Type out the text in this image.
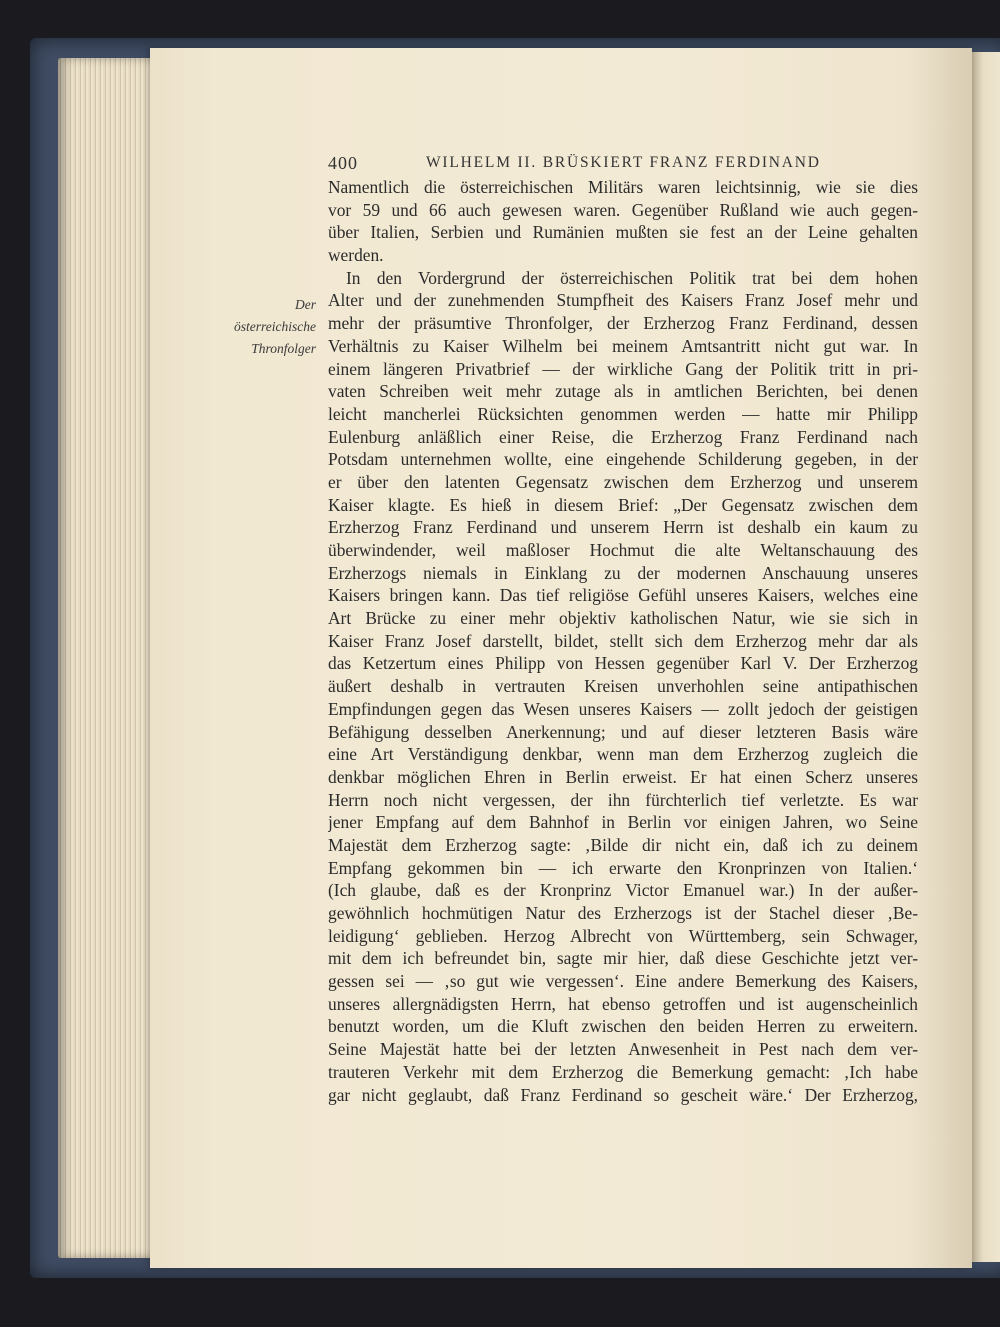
400	WILHELM II. BRÜSKIERT FRANZ FERDINAND
Der
österreichische
Thronfolger
Namentlich die österreichischen Militärs waren leichtsinnig, wie sie dies
vor 59 und 66 auch gewesen waren. Gegenüber Rußland wie auch gegen-
über Italien, Serbien und Rumänien mußten sie fest an der Leine gehalten
werden.
In den Vordergrund der österreichischen Politik trat bei dem hohen
Alter und der zunehmenden Stumpfheit des Kaisers Franz Josef mehr und
mehr der präsumtive Thronfolger, der Erzherzog Franz Ferdinand, dessen
Verhältnis zu Kaiser Wilhelm bei meinem Amtsantritt nicht gut war. In
einem längeren Privatbrief — der wirkliche Gang der Politik tritt in pri-
vaten Schreiben weit mehr zutage als in amtlichen Berichten, bei denen
leicht mancherlei Rücksichten genommen werden — hatte mir Philipp
Eulenburg anläßlich einer Reise, die Erzherzog Franz Ferdinand nach
Potsdam unternehmen wollte, eine eingehende Schilderung gegeben, in der
er über den latenten Gegensatz zwischen dem Erzherzog und unserem
Kaiser klagte. Es hieß in diesem Brief: „Der Gegensatz zwischen dem
Erzherzog Franz Ferdinand und unserem Herrn ist deshalb ein kaum zu
überwindender, weil maßloser Hochmut die alte Weltanschauung des
Erzherzogs niemals in Einklang zu der modernen Anschauung unseres
Kaisers bringen kann. Das tief religiöse Gefühl unseres Kaisers, welches eine
Art Brücke zu einer mehr objektiv katholischen Natur, wie sie sich in
Kaiser Franz Josef darstellt, bildet, stellt sich dem Erzherzog mehr dar als
das Ketzertum eines Philipp von Hessen gegenüber Karl V. Der Erzherzog
äußert deshalb in vertrauten Kreisen unverhohlen seine antipathischen
Empfindungen gegen das Wesen unseres Kaisers — zollt jedoch der geistigen
Befähigung desselben Anerkennung; und auf dieser letzteren Basis wäre
eine Art Verständigung denkbar, wenn man dem Erzherzog zugleich die
denkbar möglichen Ehren in Berlin erweist. Er hat einen Scherz unseres
Herrn noch nicht vergessen, der ihn fürchterlich tief verletzte. Es war
jener Empfang auf dem Bahnhof in Berlin vor einigen Jahren, wo Seine
Majestät dem Erzherzog sagte: ‚Bilde dir nicht ein, daß ich zu deinem
Empfang gekommen bin — ich erwarte den Kronprinzen von Italien.‘
(Ich glaube, daß es der Kronprinz Victor Emanuel war.) In der außer-
gewöhnlich hochmütigen Natur des Erzherzogs ist der Stachel dieser ‚Be-
leidigung‘ geblieben. Herzog Albrecht von Württemberg, sein Schwager,
mit dem ich befreundet bin, sagte mir hier, daß diese Geschichte jetzt ver-
gessen sei — ‚so gut wie vergessen‘. Eine andere Bemerkung des Kaisers,
unseres allergnädigsten Herrn, hat ebenso getroffen und ist augenscheinlich
benutzt worden, um die Kluft zwischen den beiden Herren zu erweitern.
Seine Majestät hatte bei der letzten Anwesenheit in Pest nach dem ver-
trauteren Verkehr mit dem Erzherzog die Bemerkung gemacht: ‚Ich habe
gar nicht geglaubt, daß Franz Ferdinand so gescheit wäre.‘ Der Erzherzog,
